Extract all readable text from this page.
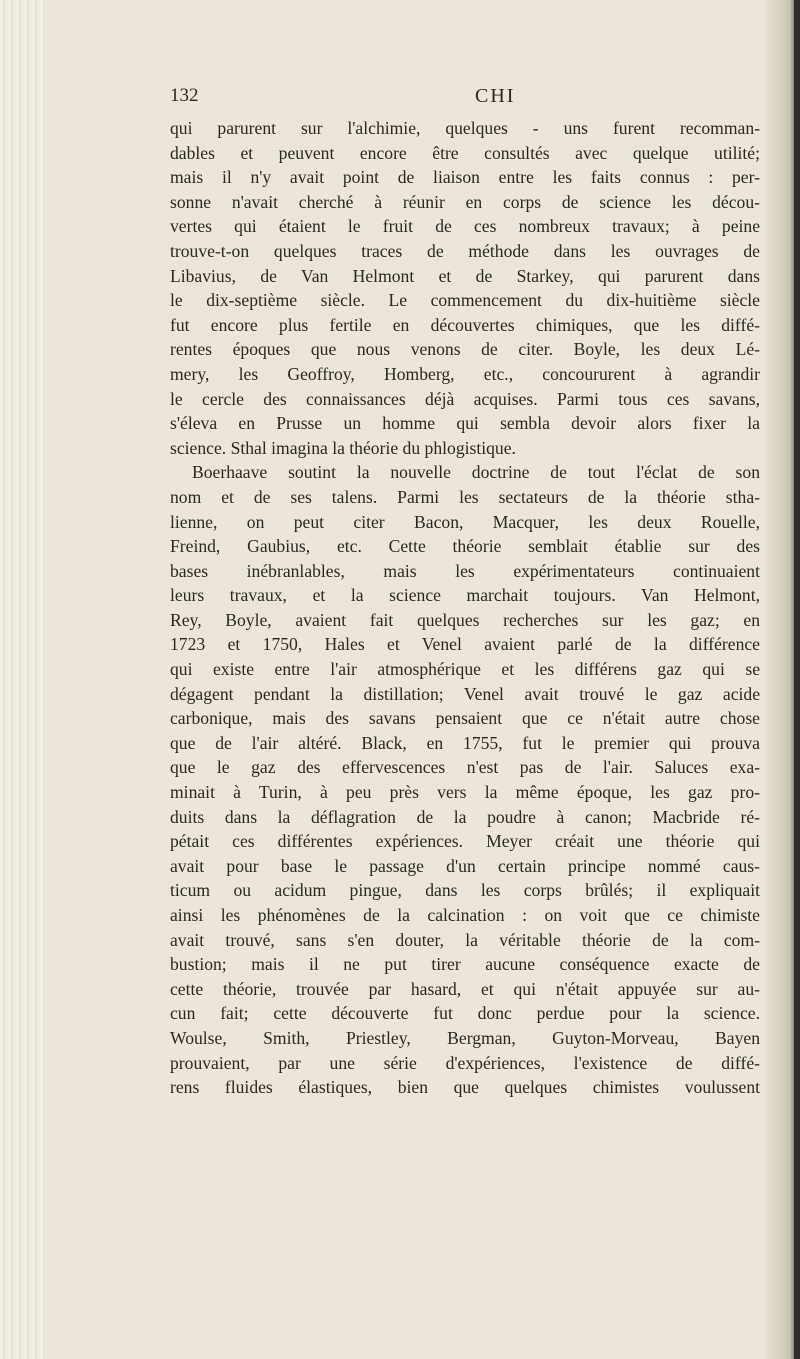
132	CHI
qui parurent sur l'alchimie, quelques - uns furent recomman-
dables et peuvent encore être consultés avec quelque utilité;
mais il n'y avait point de liaison entre les faits connus : per-
sonne n'avait cherché à réunir en corps de science les décou-
vertes qui étaient le fruit de ces nombreux travaux; à peine
trouve-t-on quelques traces de méthode dans les ouvrages de
Libavius, de Van Helmont et de Starkey, qui parurent dans
le dix-septième siècle. Le commencement du dix-huitième siècle
fut encore plus fertile en découvertes chimiques, que les diffé-
rentes époques que nous venons de citer. Boyle, les deux Lé-
mery, les Geoffroy, Homberg, etc., concoururent à agrandir
le cercle des connaissances déjà acquises. Parmi tous ces savans,
s'éleva en Prusse un homme qui sembla devoir alors fixer la
science. Sthal imagina la théorie du phlogistique.
Boerhaave soutint la nouvelle doctrine de tout l'éclat de son
nom et de ses talens. Parmi les sectateurs de la théorie stha-
lienne, on peut citer Bacon, Macquer, les deux Rouelle,
Freind, Gaubius, etc. Cette théorie semblait établie sur des
bases inébranlables, mais les expérimentateurs continuaient
leurs travaux, et la science marchait toujours. Van Helmont,
Rey, Boyle, avaient fait quelques recherches sur les gaz; en
1723 et 1750, Hales et Venel avaient parlé de la différence
qui existe entre l'air atmosphérique et les différens gaz qui se
dégagent pendant la distillation; Venel avait trouvé le gaz acide
carbonique, mais des savans pensaient que ce n'était autre chose
que de l'air altéré. Black, en 1755, fut le premier qui prouva
que le gaz des effervescences n'est pas de l'air. Saluces exa-
minait à Turin, à peu près vers la même époque, les gaz pro-
duits dans la déflagration de la poudre à canon; Macbride ré-
pétait ces différentes expériences. Meyer créait une théorie qui
avait pour base le passage d'un certain principe nommé caus-
ticum ou acidum pingue, dans les corps brûlés; il expliquait
ainsi les phénomènes de la calcination : on voit que ce chimiste
avait trouvé, sans s'en douter, la véritable théorie de la com-
bustion; mais il ne put tirer aucune conséquence exacte de
cette théorie, trouvée par hasard, et qui n'était appuyée sur au-
cun fait; cette découverte fut donc perdue pour la science.
Woulse, Smith, Priestley, Bergman, Guyton-Morveau, Bayen
prouvaient, par une série d'expériences, l'existence de diffé-
rens fluides élastiques, bien que quelques chimistes voulussent
